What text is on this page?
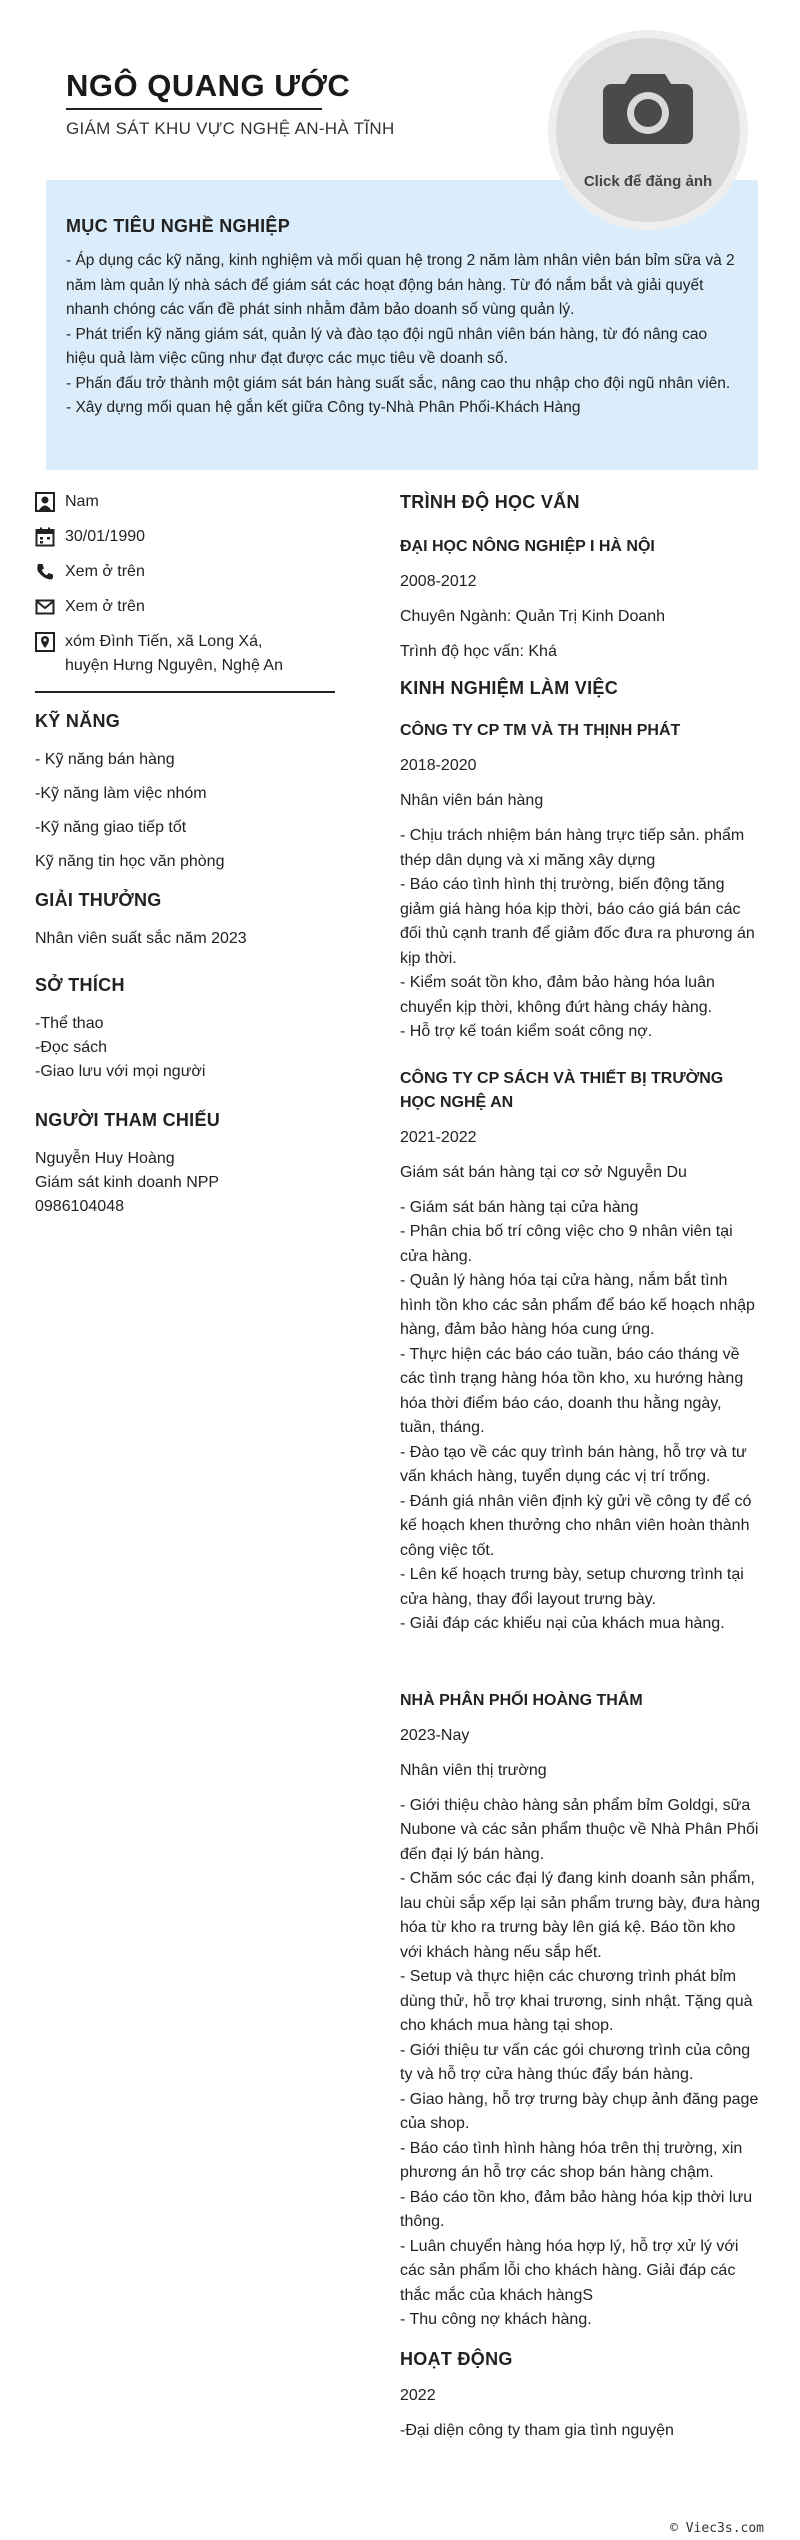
NGÔ QUANG ƯỚC
GIÁM SÁT KHU VỰC NGHỆ AN-HÀ TĨNH
Click để đăng ảnh
MỤC TIÊU NGHỀ NGHIỆP
- Áp dụng các kỹ năng, kinh nghiệm và mối quan hệ trong 2 năm làm nhân viên bán bỉm sữa và 2 năm làm quản lý nhà sách để giám sát các hoạt động bán hàng. Từ đó nắm bắt và giải quyết nhanh chóng các vấn đề phát sinh nhằm đảm bảo doanh số vùng quản lý.
- Phát triển kỹ năng giám sát, quản lý và đào tạo đội ngũ nhân viên bán hàng, từ đó nâng cao hiệu quả làm việc cũng như đạt được các mục tiêu về doanh số.
- Phấn đấu trở thành một giám sát bán hàng suất sắc, nâng cao thu nhập cho đội ngũ nhân viên.
- Xây dựng mối quan hệ gắn kết giữa Công ty-Nhà Phân Phối-Khách Hàng
Nam
30/01/1990
Xem ở trên
Xem ở trên
xóm Đình Tiến, xã Long Xá, huyện Hưng Nguyên, Nghệ An
KỸ NĂNG
- Kỹ năng bán hàng
-Kỹ năng làm việc nhóm
-Kỹ năng giao tiếp tốt
Kỹ năng tin học văn phòng
GIẢI THƯỞNG
Nhân viên suất sắc năm 2023
SỞ THÍCH
-Thể thao
-Đọc sách
-Giao lưu với mọi người
NGƯỜI THAM CHIẾU
Nguyễn Huy Hoàng
Giám sát kinh doanh NPP
0986104048
TRÌNH ĐỘ HỌC VẤN
ĐẠI HỌC NÔNG NGHIỆP I HÀ NỘI
2008-2012
Chuyên Ngành: Quản Trị Kinh Doanh
Trình độ học vấn: Khá
KINH NGHIỆM LÀM VIỆC
CÔNG TY CP TM VÀ TH THỊNH PHÁT
2018-2020
Nhân viên bán hàng
- Chịu trách nhiệm bán hàng trực tiếp sản. phẩm thép dân dụng và xi măng xây dựng
- Báo cáo tình hình thị trường, biến động tăng giảm giá hàng hóa kịp thời, báo cáo giá bán các đối thủ cạnh tranh để giảm đốc đưa ra phương án kịp thời.
- Kiểm soát tồn kho, đảm bảo hàng hóa luân chuyển kịp thời, không đứt hàng cháy hàng.
- Hỗ trợ kế toán kiểm soát công nợ.
CÔNG TY CP SÁCH VÀ THIẾT BỊ TRƯỜNG HỌC NGHỆ AN
2021-2022
Giám sát bán hàng tại cơ sở Nguyễn Du
- Giám sát bán hàng tại cửa hàng
- Phân chia bố trí công việc cho 9 nhân viên tại cửa hàng.
- Quản lý hàng hóa tại cửa hàng, nắm bắt tình hình tồn kho các sản phẩm để báo kế hoạch nhập hàng, đảm bảo hàng hóa cung ứng.
- Thực hiện các báo cáo tuần, báo cáo tháng về các tình trạng hàng hóa tồn kho, xu hướng hàng hóa thời điểm báo cáo, doanh thu hằng ngày, tuần, tháng.
- Đào tạo về các quy trình bán hàng, hỗ trợ và tư vấn khách hàng, tuyển dụng các vị trí trống.
- Đánh giá nhân viên định kỳ gửi về công ty để có kế hoạch khen thưởng cho nhân viên hoàn thành công việc tốt.
- Lên kế hoạch trưng bày, setup chương trình tại cửa hàng, thay đổi layout trưng bày.
- Giải đáp các khiếu nại của khách mua hàng.
NHÀ PHÂN PHỐI HOÀNG THẮM
2023-Nay
Nhân viên thị trường
- Giới thiệu chào hàng sản phẩm bỉm Goldgi, sữa Nubone và các sản phẩm thuộc về Nhà Phân Phối đến đại lý bán hàng.
- Chăm sóc các đại lý đang kinh doanh sản phẩm, lau chùi sắp xếp lại sản phẩm trưng bày, đưa hàng hóa từ kho ra trưng bày lên giá kệ. Báo tồn kho với khách hàng nếu sắp hết.
- Setup và thực hiện các chương trình phát bỉm dùng thử, hỗ trợ khai trương, sinh nhật. Tặng quà cho khách mua hàng tại shop.
- Giới thiệu tư vấn các gói chương trình của công ty và hỗ trợ cửa hàng thúc đẩy bán hàng.
- Giao hàng, hỗ trợ trưng bày chụp ảnh đăng page của shop.
- Báo cáo tình hình hàng hóa trên thị trường, xin phương án hỗ trợ các shop bán hàng chậm.
- Báo cáo tồn kho, đảm bảo hàng hóa kịp thời lưu thông.
- Luân chuyển hàng hóa hợp lý, hỗ trợ xử lý với các sản phẩm lỗi cho khách hàng. Giải đáp các thắc mắc của khách hàngS
- Thu công nợ khách hàng.
HOẠT ĐỘNG
2022
-Đại diện công ty tham gia tình nguyện
© Viec3s.com
